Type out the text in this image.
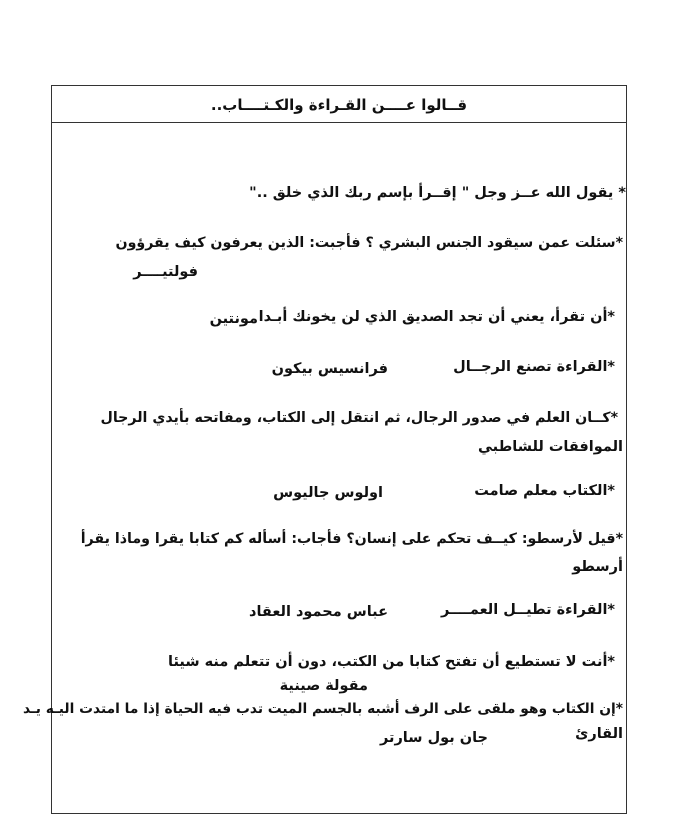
قــالوا عــــن القـراءة والكـتــــاب..
* يقول الله عــز وجل " إقــرأ بإسم ربك الذي خلق .."
*سئلت عمن سيقود الجنس البشري ؟ فأجبت: الذين يعرفون كيف يقرؤون
فولتيــــر
*أن تقرأ، يعني أن تجد الصديق الذي لن يخونك أبـدا
مونتين
*القراءة تصنع الرجــال
فرانسيس بيكون
*كــان العلم في صدور الرجال، ثم انتقل إلى الكتاب، ومفاتحه بأيدي الرجال
الموافقات للشاطبي
*الكتاب معلم صامت
اولوس جاليوس
*قيل لأرسطو: كيــف تحكم على إنسان؟ فأجاب: أسأله كم كتابا يقرا وماذا يقرأ
أرسطو
*القراءة تطيــل العمــــر
عباس محمود العقاد
*أنت لا تستطيع أن تفتح كتابا من الكتب، دون أن تتعلم منه شيئا
مقولة صينية
*إن الكتاب وهو ملقى على الرف أشبه بالجسم الميت تدب فيه الحياة إذا ما امتدت اليـه يـد
القارئ
جان بول سارتر
